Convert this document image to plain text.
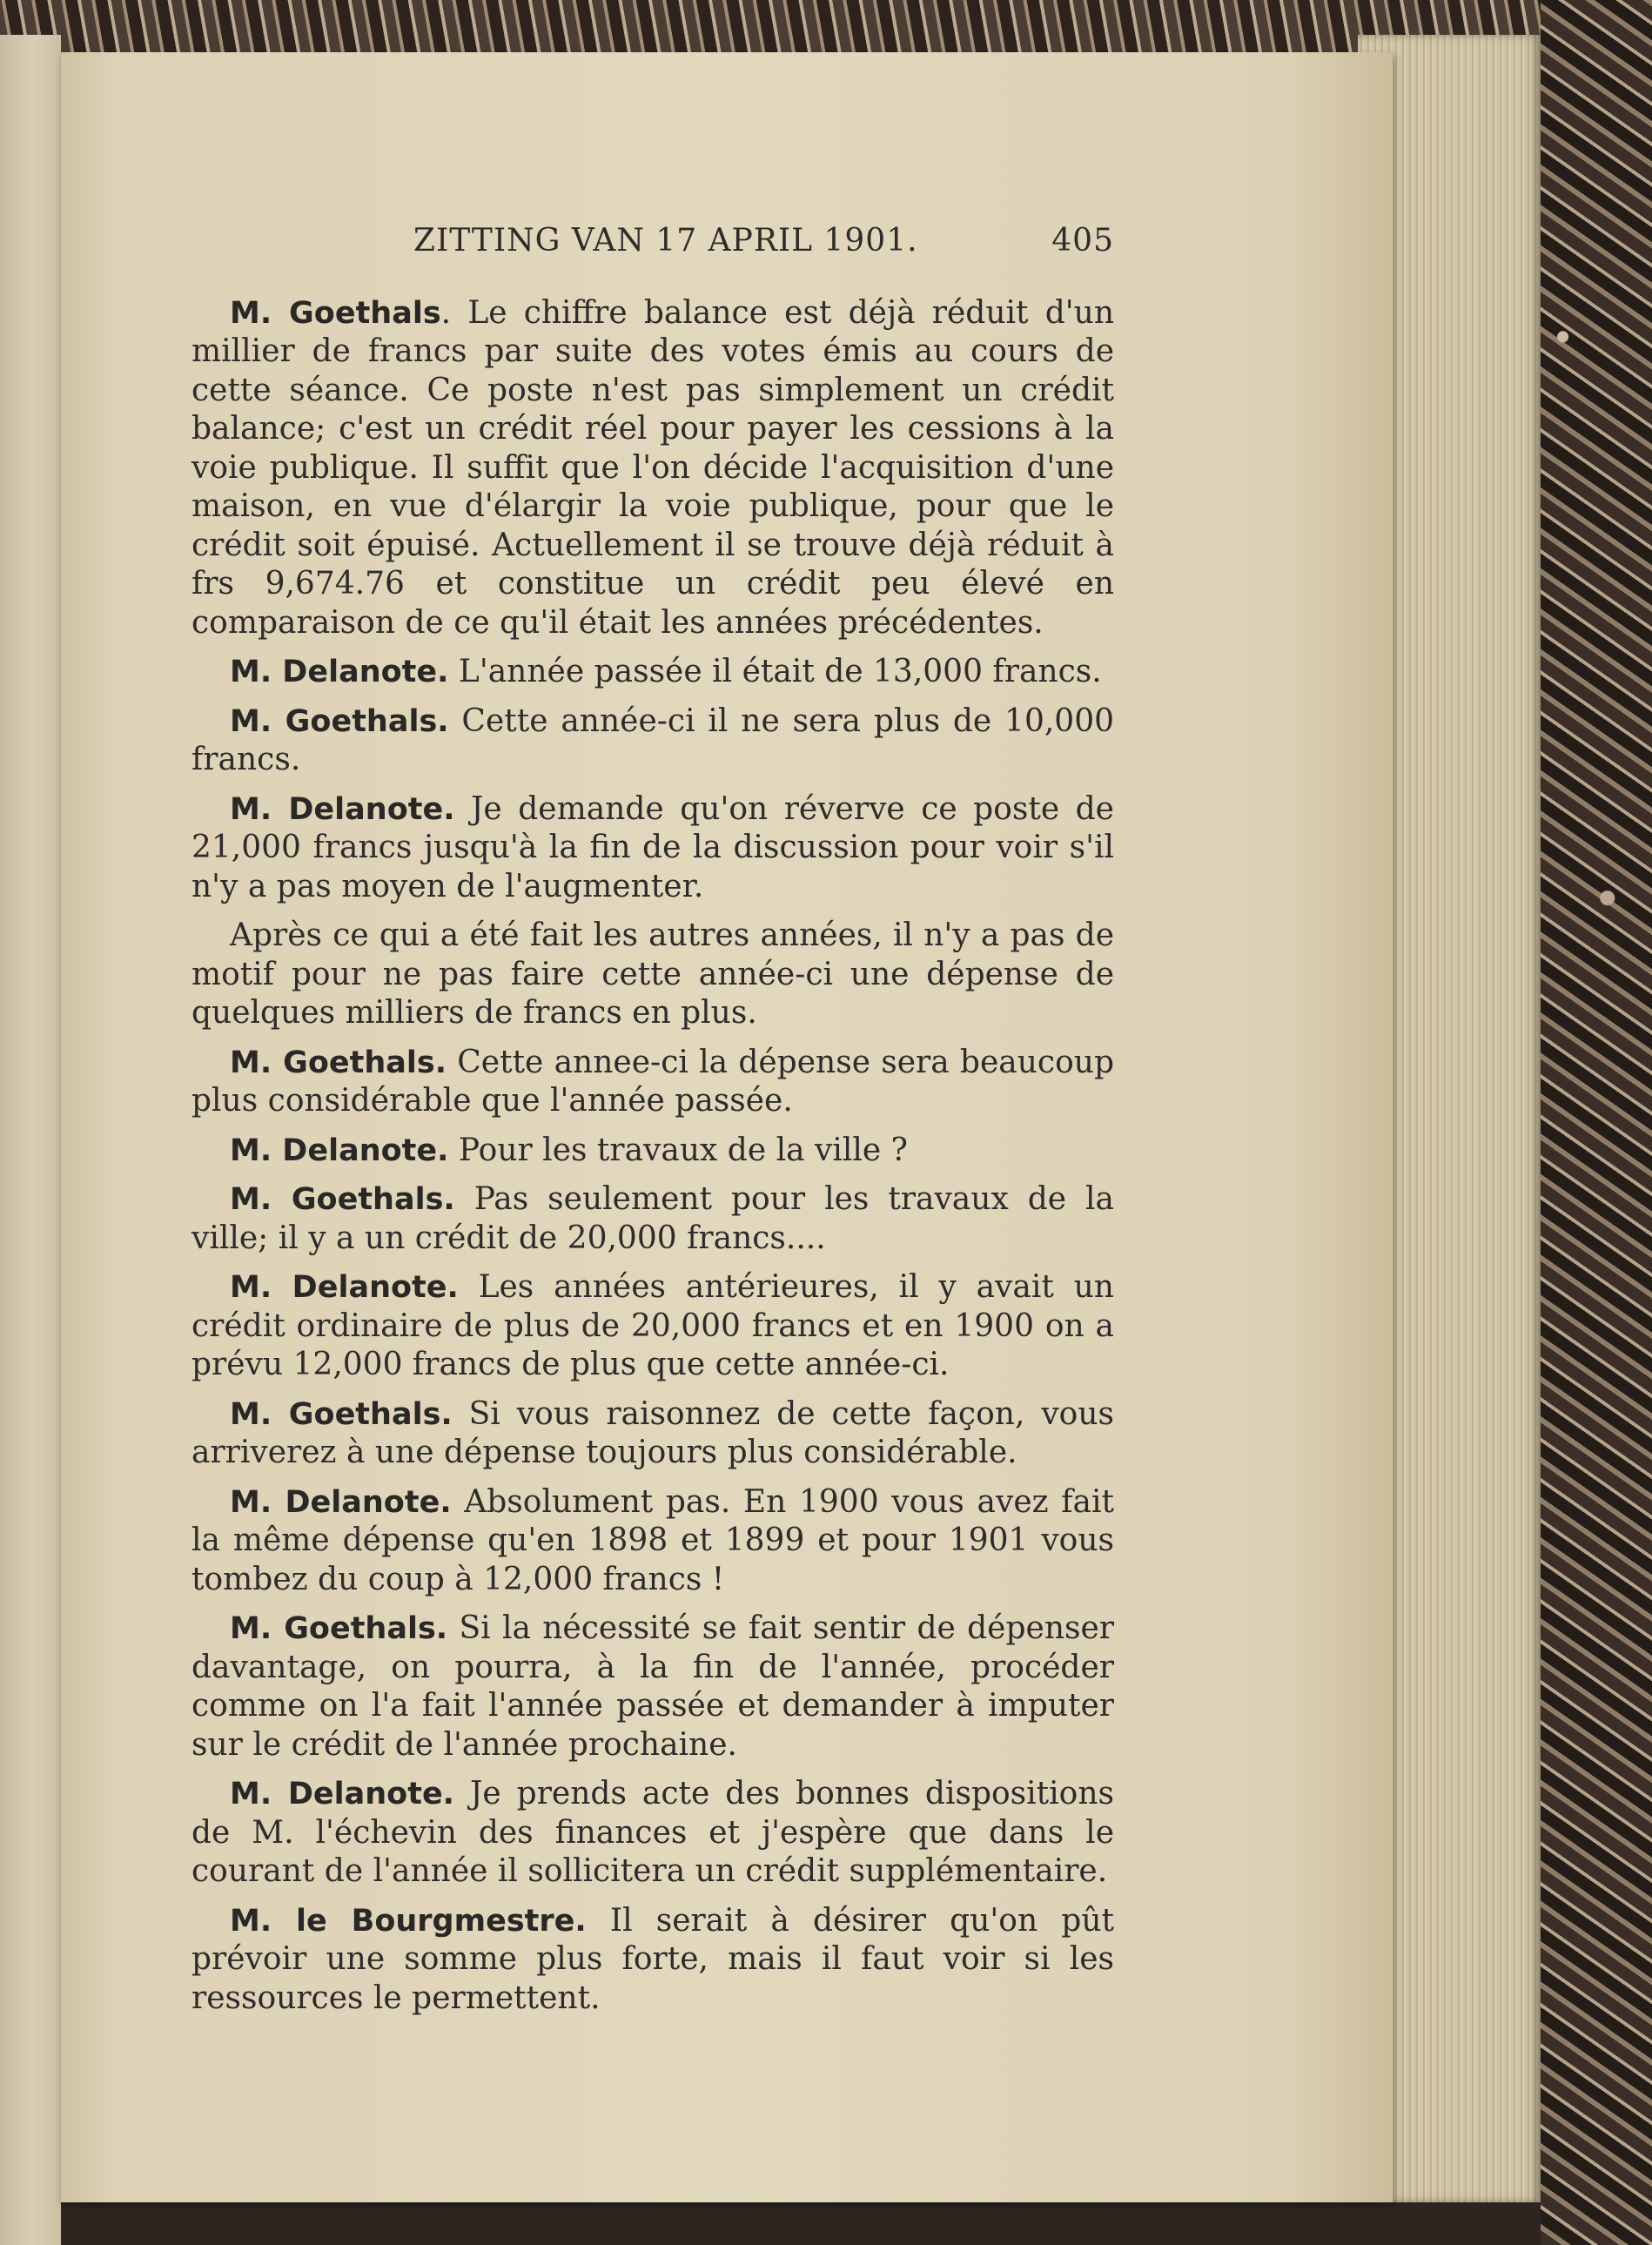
ZITTING VAN 17 APRIL 1901.	405

M. Goethals. Le chiffre balance est déjà réduit d'un millier de francs par suite des votes émis au cours de cette séance. Ce poste n'est pas simplement un crédit balance; c'est un crédit réel pour payer les cessions à la voie publique. Il suffit que l'on décide l'acquisition d'une maison, en vue d'élargir la voie publique, pour que le crédit soit épuisé. Actuellement il se trouve déjà réduit à frs 9,674.76 et constitue un crédit peu élevé en comparaison de ce qu'il était les années précédentes.

M. Delanote. L'année passée il était de 13,000 francs.

M. Goethals. Cette année-ci il ne sera plus de 10,000 francs.

M. Delanote. Je demande qu'on réverve ce poste de 21,000 francs jusqu'à la fin de la discussion pour voir s'il n'y a pas moyen de l'augmenter.

Après ce qui a été fait les autres années, il n'y a pas de motif pour ne pas faire cette année-ci une dépense de quelques milliers de francs en plus.

M. Goethals. Cette annee-ci la dépense sera beaucoup plus considérable que l'année passée.

M. Delanote. Pour les travaux de la ville ?

M. Goethals. Pas seulement pour les travaux de la ville; il y a un crédit de 20,000 francs....

M. Delanote. Les années antérieures, il y avait un crédit ordinaire de plus de 20,000 francs et en 1900 on a prévu 12,000 francs de plus que cette année-ci.

M. Goethals. Si vous raisonnez de cette façon, vous arriverez à une dépense toujours plus considérable.

M. Delanote. Absolument pas. En 1900 vous avez fait la même dépense qu'en 1898 et 1899 et pour 1901 vous tombez du coup à 12,000 francs !

M. Goethals. Si la nécessité se fait sentir de dépenser davantage, on pourra, à la fin de l'année, procéder comme on l'a fait l'année passée et demander à imputer sur le crédit de l'année prochaine.

M. Delanote. Je prends acte des bonnes dispositions de M. l'échevin des finances et j'espère que dans le courant de l'année il sollicitera un crédit supplémentaire.

M. le Bourgmestre. Il serait à désirer qu'on pût prévoir une somme plus forte, mais il faut voir si les ressources le permettent.
